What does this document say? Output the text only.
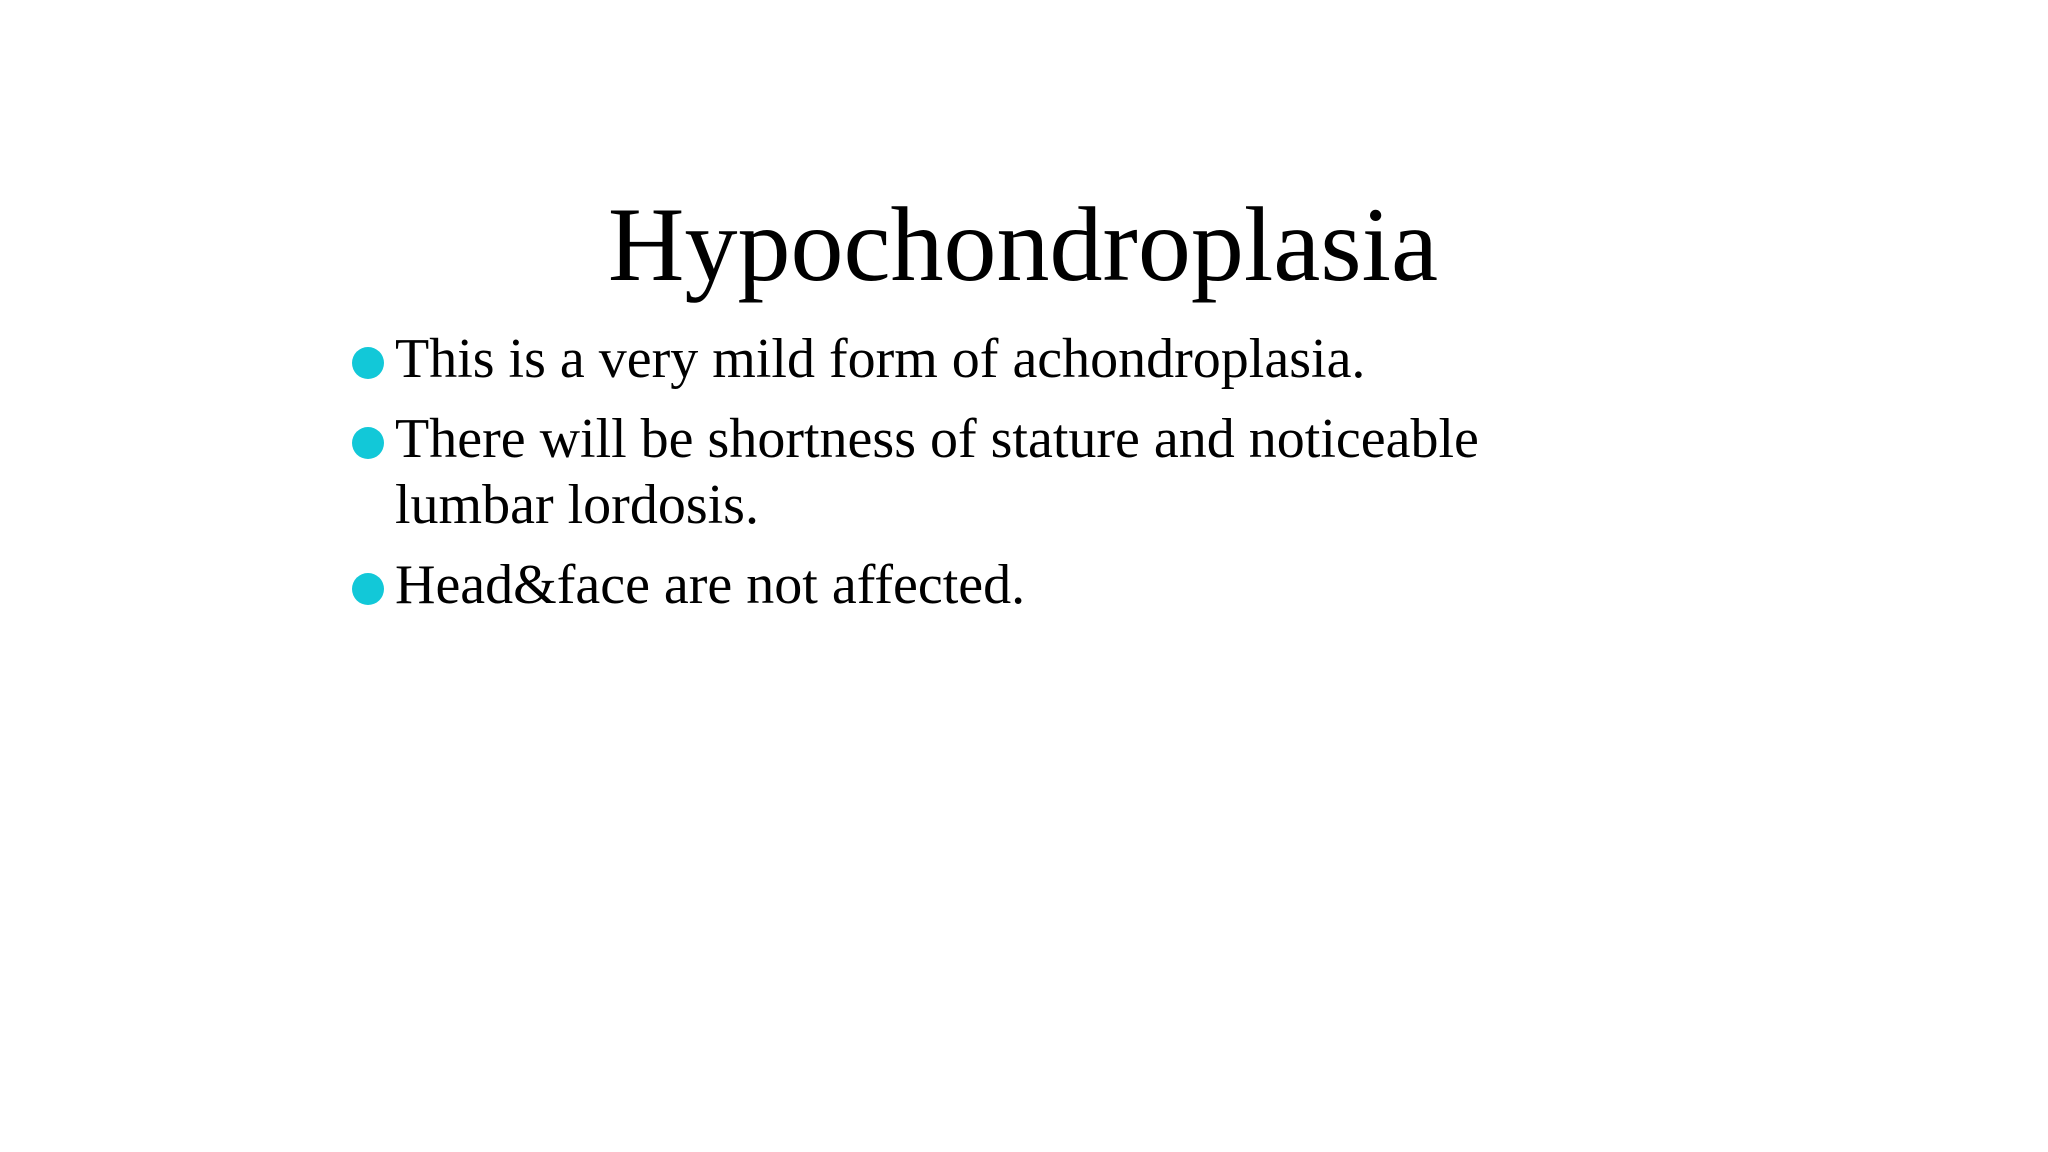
Hypochondroplasia
This is a very mild form of achondroplasia.
There will be shortness of stature and noticeable lumbar lordosis.
Head&face are not affected.
